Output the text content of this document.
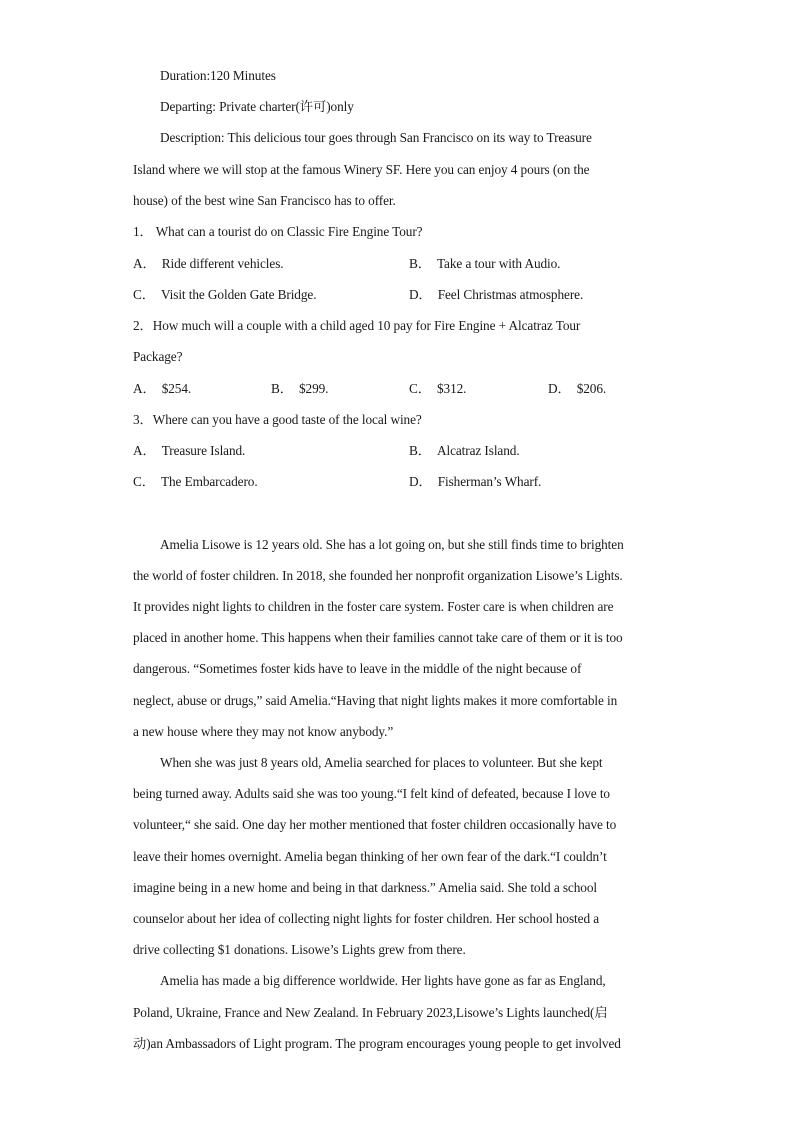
Duration:120 Minutes
Departing: Private charter(许可)only
Description: This delicious tour goes through San Francisco on its way to Treasure
Island where we will stop at the famous Winery SF. Here you can enjoy 4 pours (on the
house) of the best wine San Francisco has to offer.
1． What can a tourist do on Classic Fire Engine Tour?
A． Ride different vehicles.	B． Take a tour with Audio.
C． Visit the Golden Gate Bridge.	D． Feel Christmas atmosphere.
2．How much will a couple with a child aged 10 pay for Fire Engine + Alcatraz Tour
Package?
A． $254.	B． $299.	C． $312.	D． $206.
3．Where can you have a good taste of the local wine?
A． Treasure Island.	B． Alcatraz Island.
C． The Embarcadero.	D． Fisherman’s Wharf.
Amelia Lisowe is 12 years old. She has a lot going on, but she still finds time to brighten
the world of foster children. In 2018, she founded her nonprofit organization Lisowe’s Lights.
It provides night lights to children in the foster care system. Foster care is when children are
placed in another home. This happens when their families cannot take care of them or it is too
dangerous. “Sometimes foster kids have to leave in the middle of the night because of
neglect, abuse or drugs,” said Amelia.“Having that night lights makes it more comfortable in
a new house where they may not know anybody.”
When she was just 8 years old, Amelia searched for places to volunteer. But she kept
being turned away. Adults said she was too young.“I felt kind of defeated, because I love to
volunteer,“ she said. One day her mother mentioned that foster children occasionally have to
leave their homes overnight. Amelia began thinking of her own fear of the dark.“I couldn’t
imagine being in a new home and being in that darkness.” Amelia said. She told a school
counselor about her idea of collecting night lights for foster children. Her school hosted a
drive collecting $1 donations. Lisowe’s Lights grew from there.
Amelia has made a big difference worldwide. Her lights have gone as far as England,
Poland, Ukraine, France and New Zealand. In February 2023,Lisowe’s Lights launched(启
动)an Ambassadors of Light program. The program encourages young people to get involved
